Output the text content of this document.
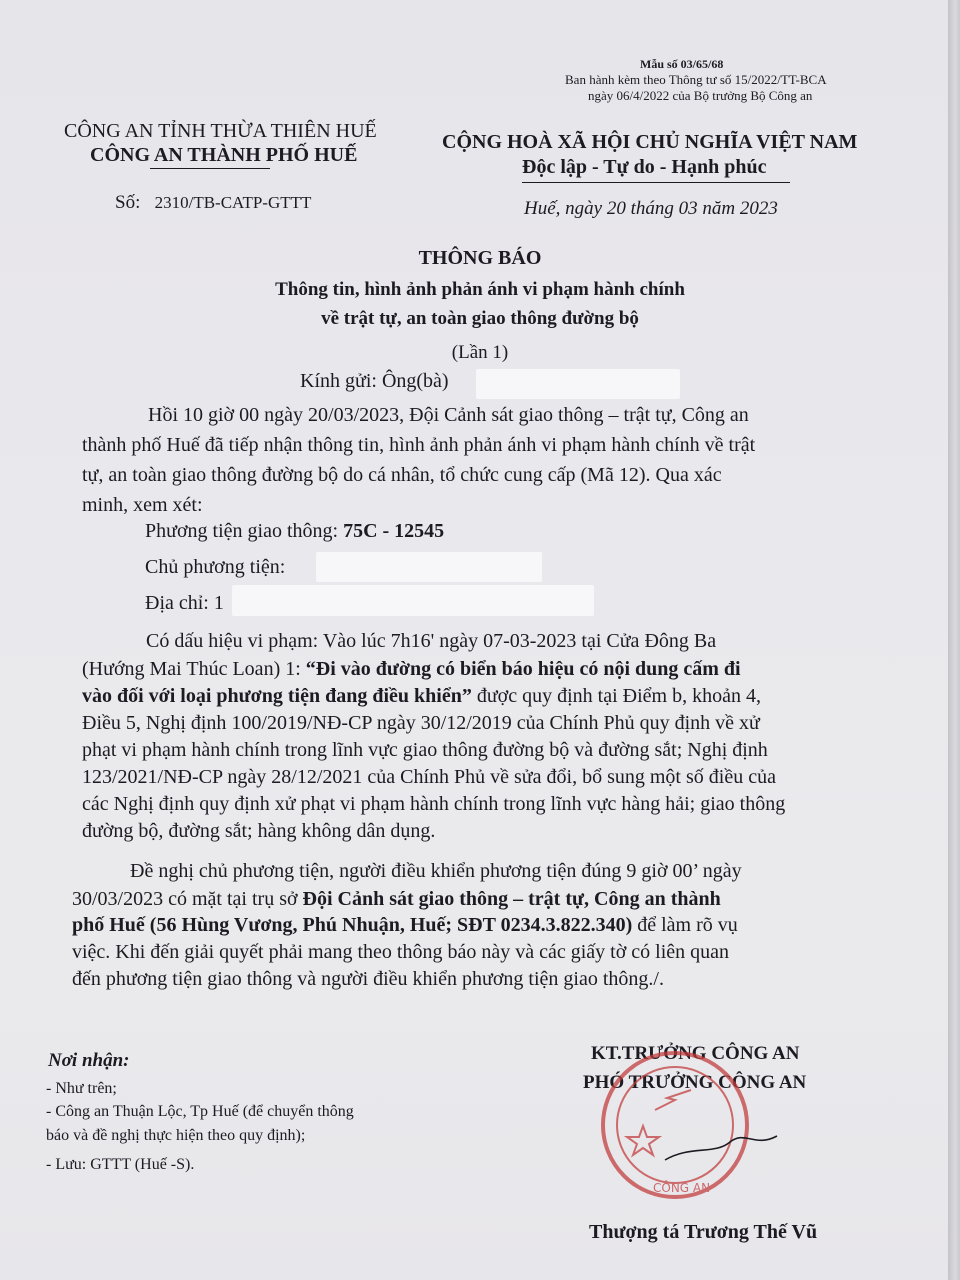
Mẫu số 03/65/68
Ban hành kèm theo Thông tư số 15/2022/TT-BCA
ngày 06/4/2022 của Bộ trưởng Bộ Công an
CÔNG AN TỈNH THỪA THIÊN HUẾ
CÔNG AN THÀNH PHỐ HUẾ
CỘNG HOÀ XÃ HỘI CHỦ NGHĨA VIỆT NAM
Độc lập - Tự do - Hạnh phúc
Số: 2310/TB-CATP-GTTT	Huế, ngày 20 tháng 03 năm 2023
THÔNG BÁO
Thông tin, hình ảnh phản ánh vi phạm hành chính
về trật tự, an toàn giao thông đường bộ
(Lần 1)
Kính gửi: Ông(bà)
Hồi 10 giờ 00 ngày 20/03/2023, Đội Cảnh sát giao thông – trật tự, Công an
thành phố Huế đã tiếp nhận thông tin, hình ảnh phản ánh vi phạm hành chính về trật
tự, an toàn giao thông đường bộ do cá nhân, tổ chức cung cấp (Mã 12). Qua xác
minh, xem xét:
Phương tiện giao thông: 75C - 12545
Chủ phương tiện:
Địa chỉ: 1
Có dấu hiệu vi phạm: Vào lúc 7h16' ngày 07-03-2023 tại Cửa Đông Ba
(Hướng Mai Thúc Loan) 1: “Đi vào đường có biển báo hiệu có nội dung cấm đi
vào đối với loại phương tiện đang điều khiển” được quy định tại Điểm b, khoản 4,
Điều 5, Nghị định 100/2019/NĐ-CP ngày 30/12/2019 của Chính Phủ quy định về xử
phạt vi phạm hành chính trong lĩnh vực giao thông đường bộ và đường sắt; Nghị định
123/2021/NĐ-CP ngày 28/12/2021 của Chính Phủ về sửa đổi, bổ sung một số điều của
các Nghị định quy định xử phạt vi phạm hành chính trong lĩnh vực hàng hải; giao thông
đường bộ, đường sắt; hàng không dân dụng.
Đề nghị chủ phương tiện, người điều khiển phương tiện đúng 9 giờ 00’ ngày
30/03/2023 có mặt tại trụ sở Đội Cảnh sát giao thông – trật tự, Công an thành
phố Huế (56 Hùng Vương, Phú Nhuận, Huế; SĐT 0234.3.822.340) để làm rõ vụ
việc. Khi đến giải quyết phải mang theo thông báo này và các giấy tờ có liên quan
đến phương tiện giao thông và người điều khiển phương tiện giao thông./.
Nơi nhận:
- Như trên;
- Công an Thuận Lộc, Tp Huế (để chuyển thông
báo và đề nghị thực hiện theo quy định);
- Lưu: GTTT (Huế -S).
KT.TRƯỞNG CÔNG AN
PHÓ TRƯỞNG CÔNG AN
CÔNG AN
Thượng tá Trương Thế Vũ
